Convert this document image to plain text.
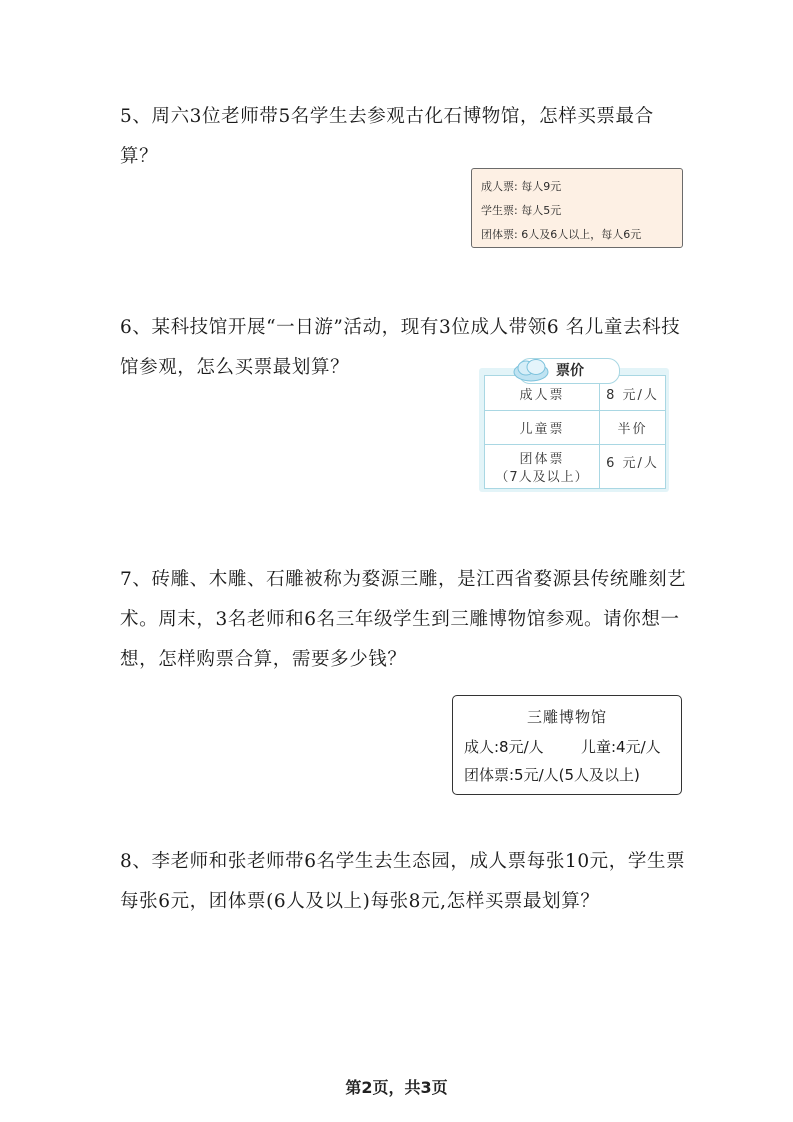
5、周六3位老师带5名学生去参观古化石博物馆，怎样买票最合算？

成人票: 每人9元
学生票: 每人5元
团体票: 6人及6人以上，每人6元

6、某科技馆开展“一日游”活动，现有3位成人带领6 名儿童去科技馆参观，怎么买票最划算？

成人票	8 元/人
儿童票	半价
团体票
（7人及以上）
6 元/人
票价

7、砖雕、木雕、石雕被称为婺源三雕，是江西省婺源县传统雕刻艺术。周末，3名老师和6名三年级学生到三雕博物馆参观。请你想一想，怎样购票合算，需要多少钱？

三雕博物馆
成人:8元/人 儿童:4元/人
团体票:5元/人(5人及以上)

8、李老师和张老师带6名学生去生态园，成人票每张10元，学生票每张6元，团体票(6人及以上)每张8元,怎样买票最划算？

第2页，共3页
